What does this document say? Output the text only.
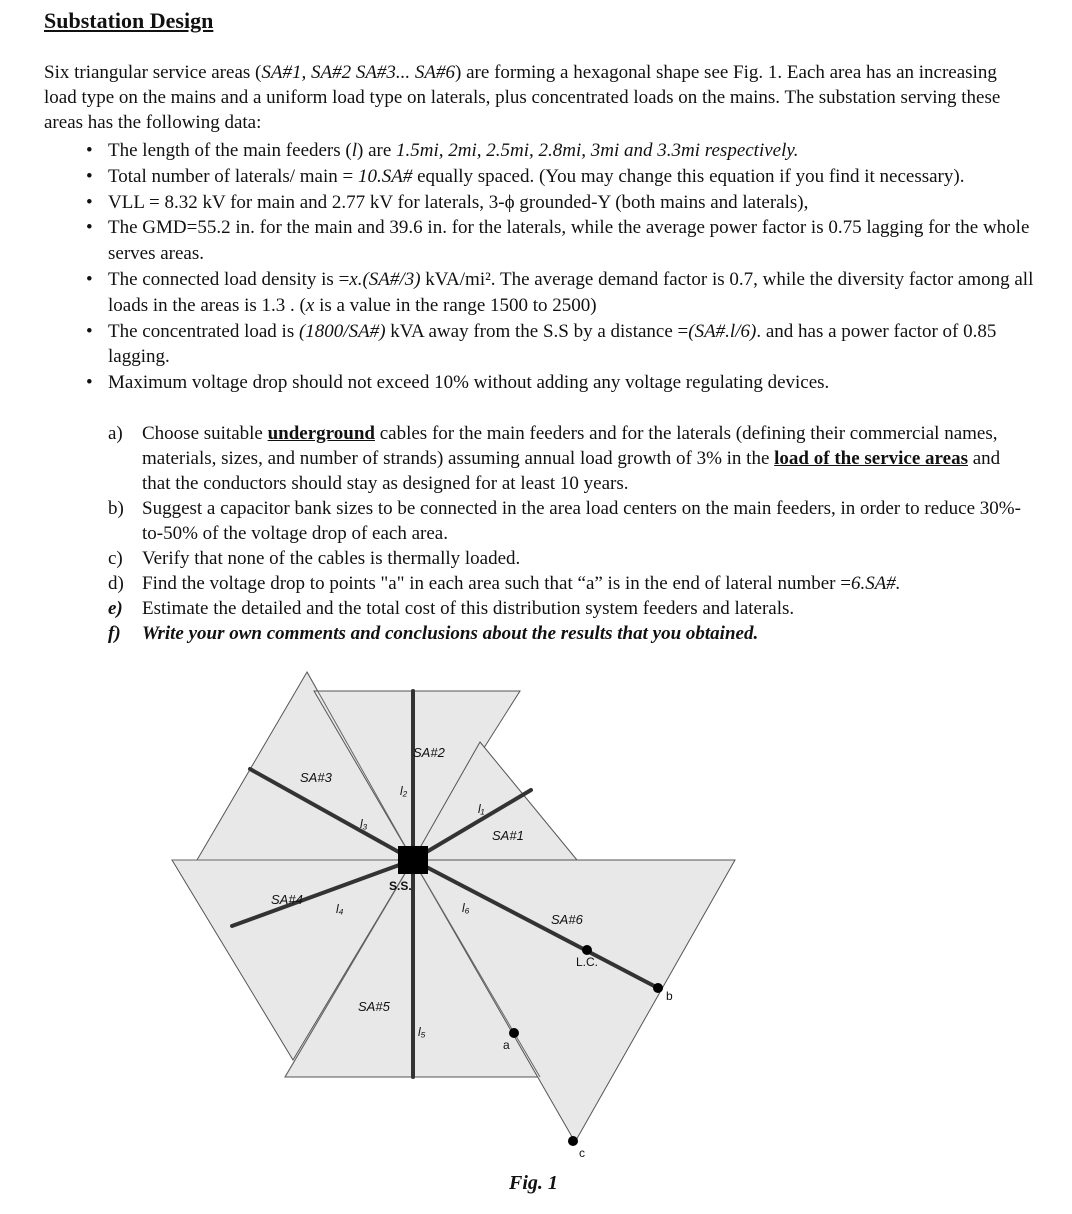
Substation Design
Six triangular service areas (SA#1, SA#2 SA#3... SA#6) are forming a hexagonal shape see Fig. 1. Each area has an increasing load type on the mains and a uniform load type on laterals, plus concentrated loads on the mains. The substation serving these areas has the following data:
• The length of the main feeders (l) are 1.5mi, 2mi, 2.5mi, 2.8mi, 3mi and 3.3mi respectively.
• Total number of laterals/ main = 10.SA# equally spaced. (You may change this equation if you find it necessary).
• VLL = 8.32 kV for main and 2.77 kV for laterals, 3-ϕ grounded-Y (both mains and laterals),
• The GMD=55.2 in. for the main and 39.6 in. for the laterals, while the average power factor is 0.75 lagging for the whole serves areas.
• The connected load density is =x.(SA#/3) kVA/mi². The average demand factor is 0.7, while the diversity factor among all loads in the areas is 1.3 . (x is a value in the range 1500 to 2500)
• The concentrated load is (1800/SA#) kVA away from the S.S by a distance =(SA#.l/6). and has a power factor of 0.85 lagging.
• Maximum voltage drop should not exceed 10% without adding any voltage regulating devices.
a) Choose suitable underground cables for the main feeders and for the laterals (defining their commercial names, materials, sizes, and number of strands) assuming annual load growth of 3% in the load of the service areas and that the conductors should stay as designed for at least 10 years.
b) Suggest a capacitor bank sizes to be connected in the area load centers on the main feeders, in order to reduce 30%-to-50% of the voltage drop of each area.
c) Verify that none of the cables is thermally loaded.
d) Find the voltage drop to points "a" in each area such that “a” is in the end of lateral number =6.SA#.
e) Estimate the detailed and the total cost of this distribution system feeders and laterals.
f) Write your own comments and conclusions about the results that you obtained.
SA#2
SA#3
SA#1
SA#4
SA#6
SA#5
l₂
l₃
l₁
l₄	l₆
l₅
S.S.
L.C.
b
a
c
Fig. 1
